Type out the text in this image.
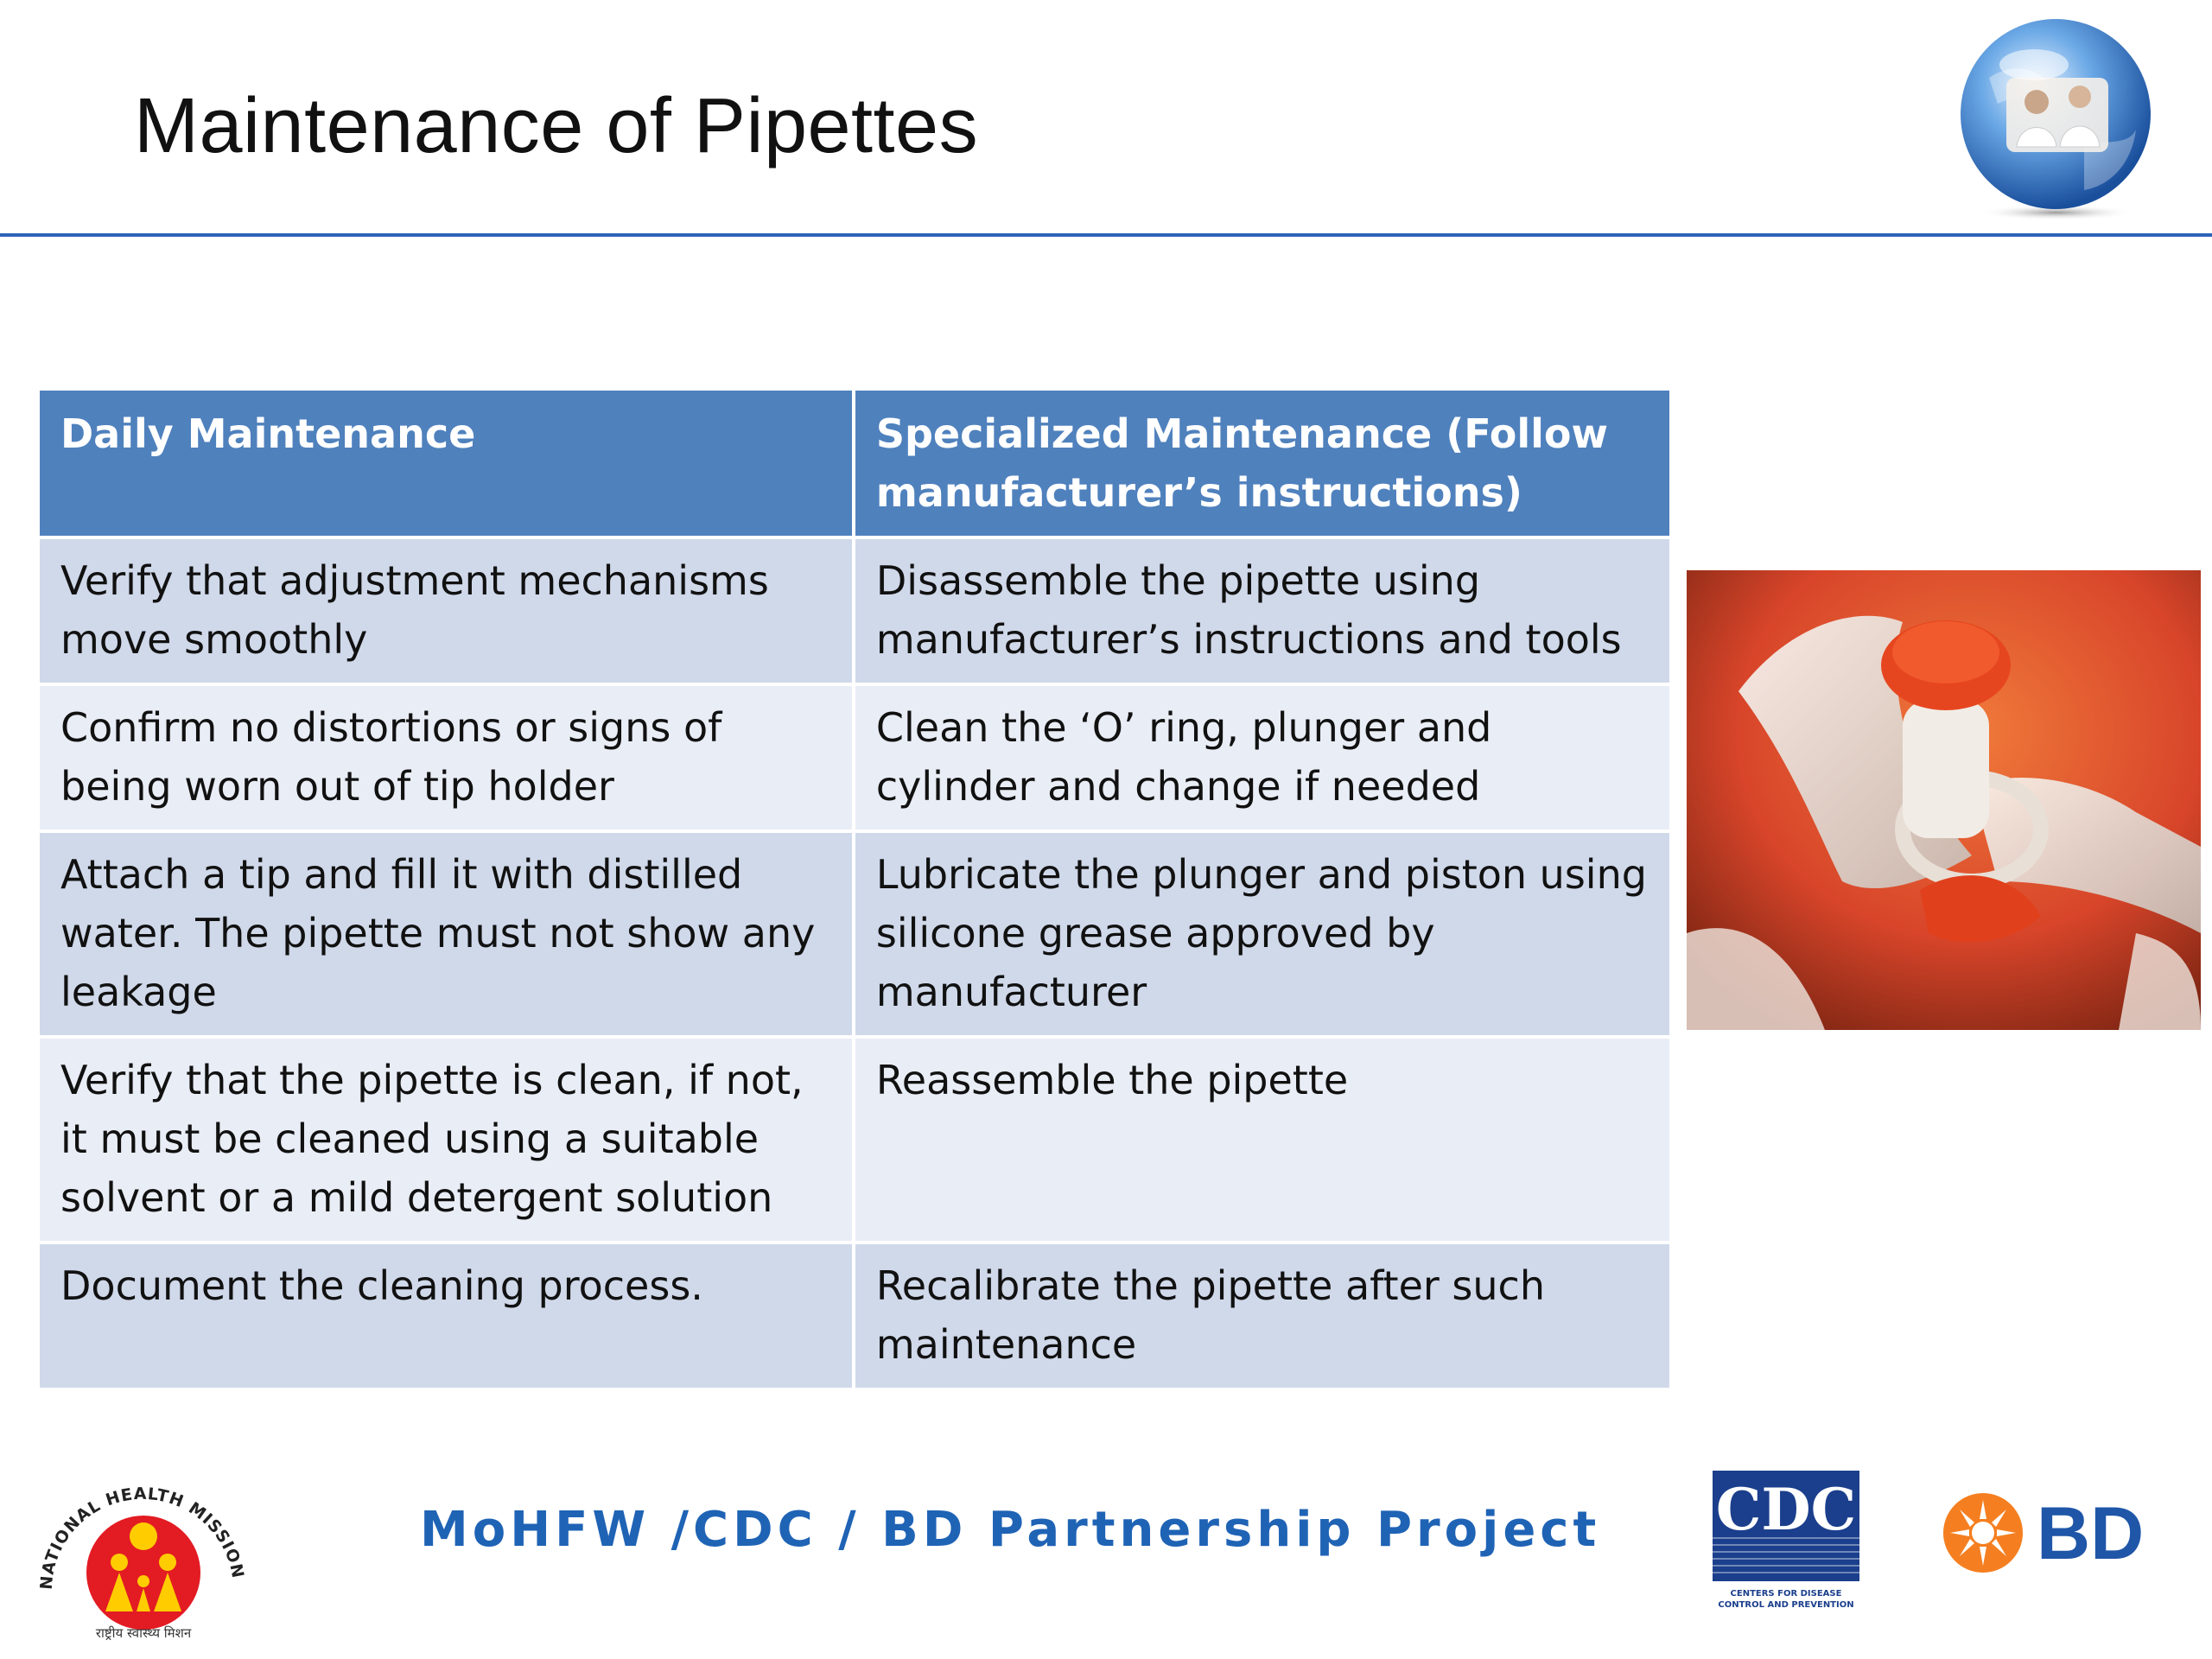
Maintenance of Pipettes
Daily Maintenance	Specialized Maintenance (Follow manufacturer’s instructions)
Verify that adjustment mechanisms move smoothly	Disassemble the pipette using manufacturer’s instructions and tools
Confirm no distortions or signs of being worn out of tip holder	Clean the ‘O’ ring, plunger and cylinder and change if needed
Attach a tip and fill it with distilled water. The pipette must not show any leakage	Lubricate the plunger and piston using silicone grease approved by manufacturer
Verify that the pipette is clean, if not, it must be cleaned using a suitable solvent or a mild detergent solution	Reassemble the pipette
Document the cleaning process.	Recalibrate the pipette after such maintenance
NATIONAL HEALTH MISSION
राष्ट्रीय स्वास्थ्य मिशन
MoHFW /CDC / BD Partnership Project CDC
CENTERS FOR DISEASE
CONTROL AND PREVENTION
BD
